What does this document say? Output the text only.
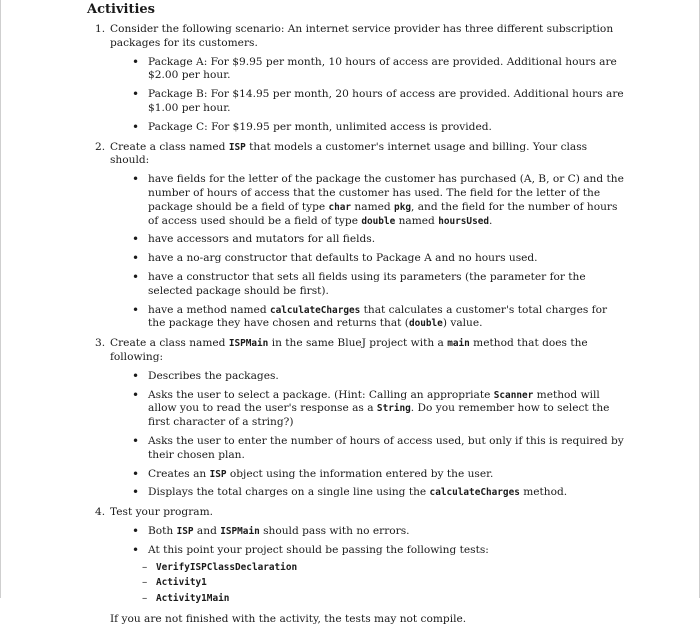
Activities
1. Consider the following scenario: An internet service provider has three different subscription packages for its customers.
• Package A: For $9.95 per month, 10 hours of access are provided. Additional hours are $2.00 per hour.
• Package B: For $14.95 per month, 20 hours of access are provided. Additional hours are $1.00 per hour.
• Package C: For $19.95 per month, unlimited access is provided.
2. Create a class named ISP that models a customer's internet usage and billing. Your class should:
• have fields for the letter of the package the customer has purchased (A, B, or C) and the number of hours of access that the customer has used. The field for the letter of the package should be a field of type char named pkg, and the field for the number of hours of access used should be a field of type double named hoursUsed.
• have accessors and mutators for all fields.
• have a no-arg constructor that defaults to Package A and no hours used.
• have a constructor that sets all fields using its parameters (the parameter for the selected package should be first).
• have a method named calculateCharges that calculates a customer's total charges for the package they have chosen and returns that (double) value.
3. Create a class named ISPMain in the same BlueJ project with a main method that does the following:
• Describes the packages.
• Asks the user to select a package. (Hint: Calling an appropriate Scanner method will allow you to read the user's response as a String. Do you remember how to select the first character of a string?)
• Asks the user to enter the number of hours of access used, but only if this is required by their chosen plan.
• Creates an ISP object using the information entered by the user.
• Displays the total charges on a single line using the calculateCharges method.
4. Test your program.
• Both ISP and ISPMain should pass with no errors.
• At this point your project should be passing the following tests:
– VerifyISPClassDeclaration
– Activity1
– Activity1Main
If you are not finished with the activity, the tests may not compile.
